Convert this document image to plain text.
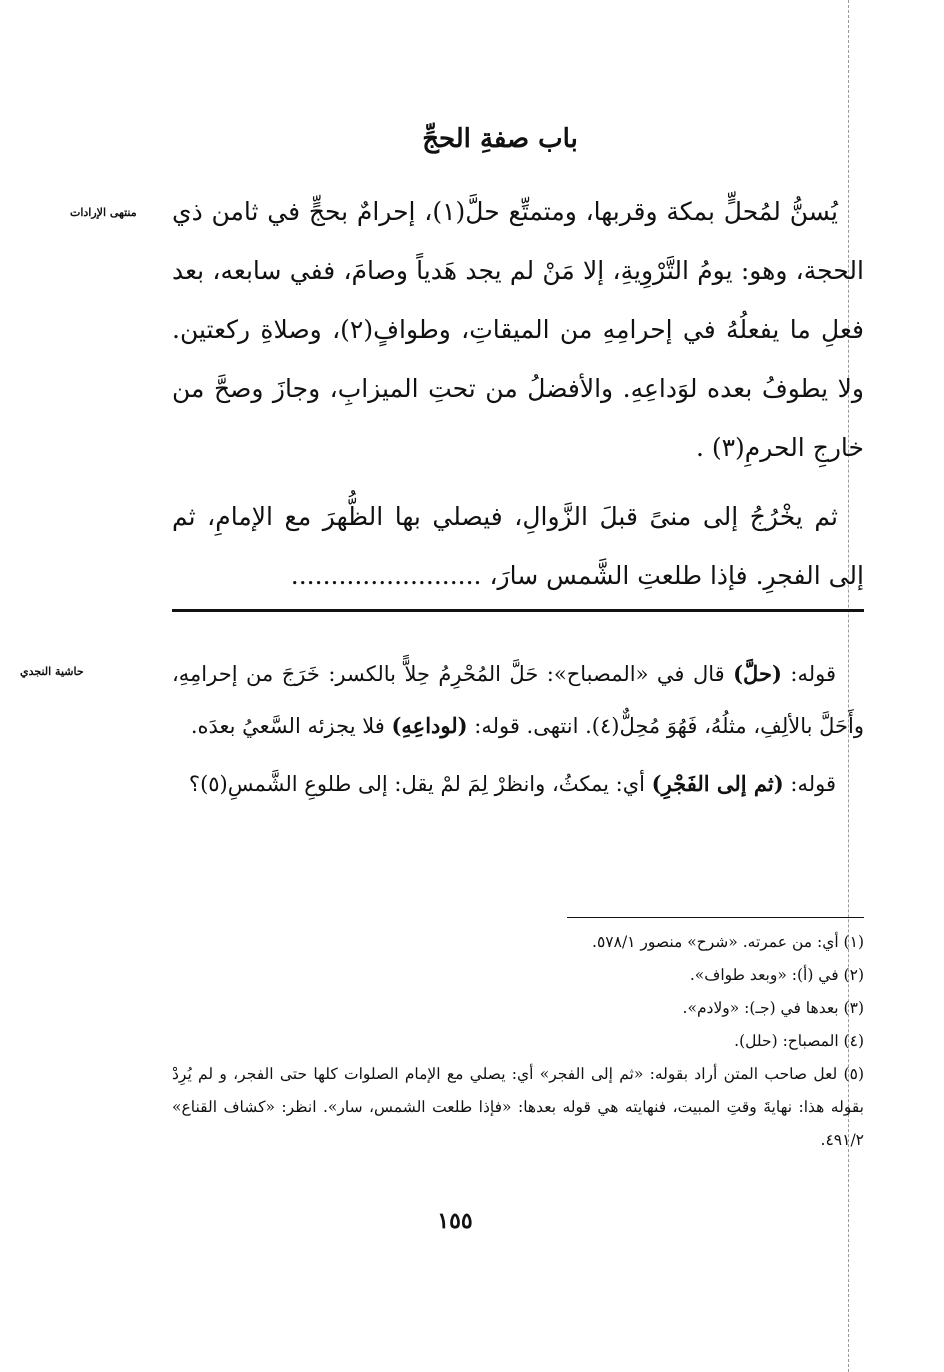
باب صفةِ الحجِّ
منتهى الإرادات يُسنُّ لمُحلٍّ بمكة وقربها، ومتمتِّع حلَّ(١)، إحرامٌ بحجٍّ في ثامن ذي الحجة، وهو: يومُ التَّرْوِيةِ، إلا مَنْ لم يجد هَدياً وصامَ، ففي سابعه، بعد فعلِ ما يفعلُهُ في إحرامِهِ من الميقاتِ، وطوافٍ(٢)، وصلاةِ ركعتين. ولا يطوفُ بعده لوَداعِهِ. والأفضلُ من تحتِ الميزابِ، وجازَ وصحَّ من خارجِ الحرمِ(٣) .

ثم يخْرُجُ إلى منىً قبلَ الزَّوالِ، فيصلي بها الظُّهرَ مع الإمامِ، ثم إلى الفجرِ. فإذا طلعتِ الشَّمس سارَ، ........................

حاشية النجدي	قوله: (حلَّ) قال في «المصباح»: حَلَّ المُحْرِمُ حِلاًّ بالكسر: خَرَجَ من إحرامِهِ، وأَحَلَّ بالألِفِ، مثلُهُ، فَهُوَ مُحِلٌّ(٤). انتهى. قوله: (لوداعِهِ) فلا يجزئه السَّعيُ بعدَه.

قوله: (ثم إلى الفَجْرِ) أي: يمكثُ، وانظرْ لِمَ لمْ يقل: إلى طلوعِ الشَّمسِ(٥)؟

(١) أي: من عمرته. «شرح» منصور ٥٧٨/١.

(٢) في (أ): «وبعد طواف».

(٣) بعدها في (جـ): «ولادم».

(٤) المصباح: (حلل).

(٥) لعل صاحب المتن أراد بقوله: «ثم إلى الفجر» أي: يصلي مع الإمام الصلوات كلها حتى الفجر، و لم يُرِدْ بقوله هذا: نهايةَ وقتِ المبيت، فنهايته هي قوله بعدها: «فإذا طلعت الشمس، سار». انظر: «كشاف القناع» ٤٩١/٢.

١٥٥
